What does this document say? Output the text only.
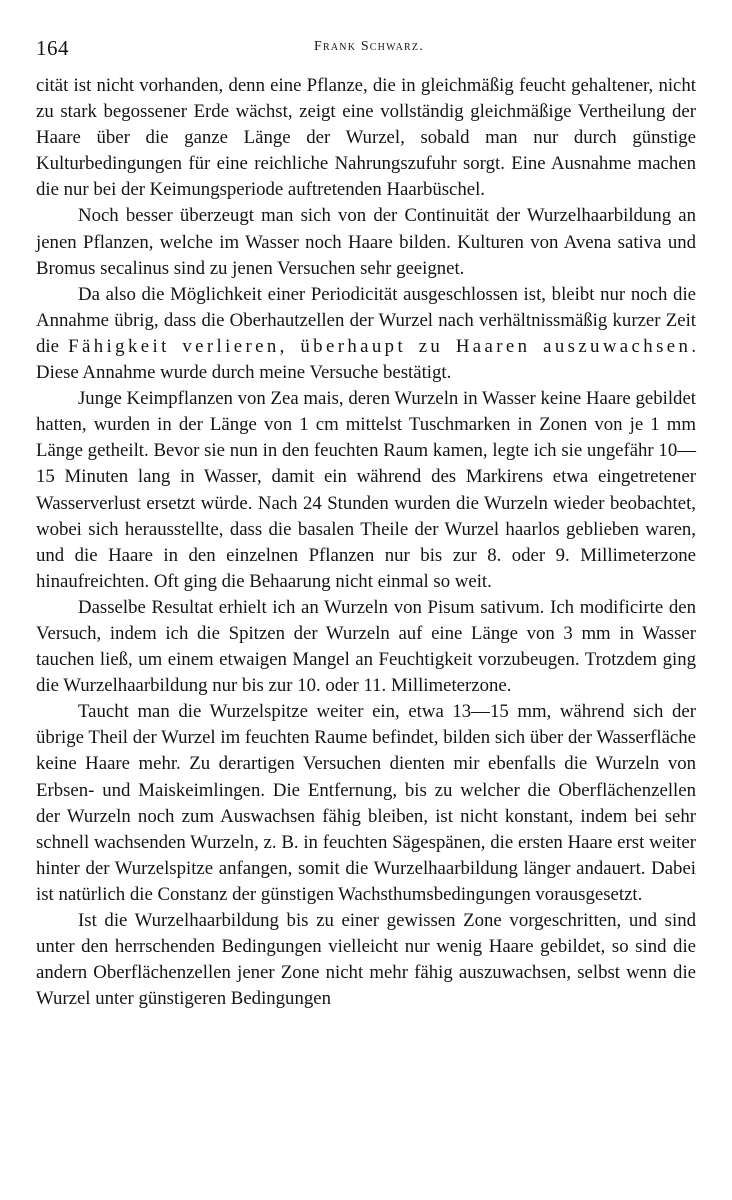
164	Frank Schwarz.

cität ist nicht vorhanden, denn eine Pflanze, die in gleichmäßig feucht gehaltener, nicht zu stark begossener Erde wächst, zeigt eine vollständig gleichmäßige Vertheilung der Haare über die ganze Länge der Wurzel, sobald man nur durch günstige Kulturbedingungen für eine reichliche Nahrungszufuhr sorgt. Eine Ausnahme machen die nur bei der Keimungsperiode auftretenden Haarbüschel.

Noch besser überzeugt man sich von der Continuität der Wurzelhaarbildung an jenen Pflanzen, welche im Wasser noch Haare bilden. Kulturen von Avena sativa und Bromus secalinus sind zu jenen Versuchen sehr geeignet.

Da also die Möglichkeit einer Periodicität ausgeschlossen ist, bleibt nur noch die Annahme übrig, dass die Oberhautzellen der Wurzel nach verhältnissmäßig kurzer Zeit die Fähigkeit verlieren, überhaupt zu Haaren auszuwachsen. Diese Annahme wurde durch meine Versuche bestätigt.

Junge Keimpflanzen von Zea mais, deren Wurzeln in Wasser keine Haare gebildet hatten, wurden in der Länge von 1 cm mittelst Tuschmarken in Zonen von je 1 mm Länge getheilt. Bevor sie nun in den feuchten Raum kamen, legte ich sie ungefähr 10—15 Minuten lang in Wasser, damit ein während des Markirens etwa eingetretener Wasserverlust ersetzt würde. Nach 24 Stunden wurden die Wurzeln wieder beobachtet, wobei sich herausstellte, dass die basalen Theile der Wurzel haarlos geblieben waren, und die Haare in den einzelnen Pflanzen nur bis zur 8. oder 9. Millimeterzone hinaufreichten. Oft ging die Behaarung nicht einmal so weit.

Dasselbe Resultat erhielt ich an Wurzeln von Pisum sativum. Ich modificirte den Versuch, indem ich die Spitzen der Wurzeln auf eine Länge von 3 mm in Wasser tauchen ließ, um einem etwaigen Mangel an Feuchtigkeit vorzubeugen. Trotzdem ging die Wurzelhaarbildung nur bis zur 10. oder 11. Millimeterzone.

Taucht man die Wurzelspitze weiter ein, etwa 13—15 mm, während sich der übrige Theil der Wurzel im feuchten Raume befindet, bilden sich über der Wasserfläche keine Haare mehr. Zu derartigen Versuchen dienten mir ebenfalls die Wurzeln von Erbsen- und Maiskeimlingen. Die Entfernung, bis zu welcher die Oberflächenzellen der Wurzeln noch zum Auswachsen fähig bleiben, ist nicht konstant, indem bei sehr schnell wachsenden Wurzeln, z. B. in feuchten Sägespänen, die ersten Haare erst weiter hinter der Wurzelspitze anfangen, somit die Wurzelhaarbildung länger andauert. Dabei ist natürlich die Constanz der günstigen Wachsthumsbedingungen vorausgesetzt.

Ist die Wurzelhaarbildung bis zu einer gewissen Zone vorgeschritten, und sind unter den herrschenden Bedingungen vielleicht nur wenig Haare gebildet, so sind die andern Oberflächenzellen jener Zone nicht mehr fähig auszuwachsen, selbst wenn die Wurzel unter günstigeren Bedingungen
